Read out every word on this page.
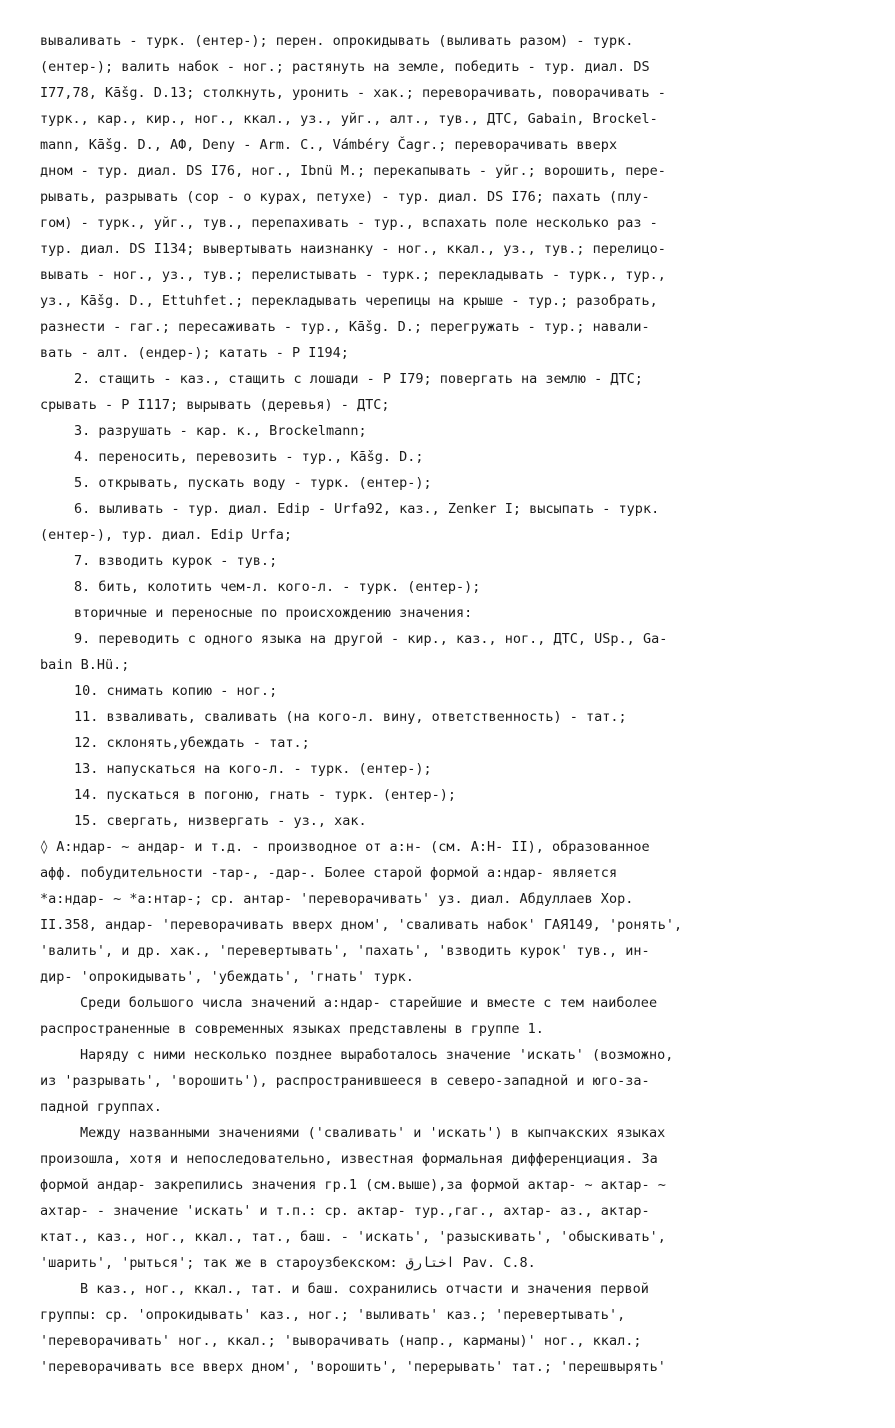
вываливать - турк. (ентер-); перен. опрокидывать (выливать разом) - турк.
(ентер-); валить набок - ног.; растянуть на земле, победить - тур. диал. DS
I77,78, Kāšg. D.13; столкнуть, уронить - хак.; переворачивать, поворачивать -
турк., кар., кир., ног., ккал., уз., уйг., алт., тув., ДТС, Gabain, Brockel-
mann, Kāšg. D., АФ, Deny - Arm. C., Vámbéry Čagr.; переворачивать вверх
дном - тур. диал. DS I76, ног., Ibnü M.; перекапывать - уйг.; ворошить, пере-
рывать, разрывать (сор - о курах, петухе) - тур. диал. DS I76; пахать (плу-
гом) - турк., уйг., тув., перепахивать - тур., вспахать поле несколько раз -
тур. диал. DS I134; вывертывать наизнанку - ног., ккал., уз., тув.; перелицо-
вывать - ног., уз., тув.; перелистывать - турк.; перекладывать - турк., тур.,
уз., Kāšg. D., Ettuhfet.; перекладывать черепицы на крыше - тур.; разобрать,
разнести - гаг.; пересаживать - тур., Kāšg. D.; перегружать - тур.; навали-
вать - алт. (ендер-); катать - Р I194;
2. стащить - каз., стащить с лошади - Р I79; повергать на землю - ДТС;
срывать - Р I117; вырывать (деревья) - ДТС;
3. разрушать - кар. к., Brockelmann;
4. переносить, перевозить - тур., Kāšg. D.;
5. открывать, пускать воду - турк. (ентер-);
6. выливать - тур. диал. Edip - Urfa92, каз., Zenker I; высыпать - турк.
(ентер-), тур. диал. Edip Urfa;
7. взводить курок - тув.;
8. бить, колотить чем-л. кого-л. - турк. (ентер-);
вторичные и переносные по происхождению значения:
9. переводить с одного языка на другой - кир., каз., ног., ДТС, USp., Ga-
bain B.Hü.;
10. снимать копию - ног.;
11. взваливать, сваливать (на кого-л. вину, ответственность) - тат.;
12. склонять,убеждать - тат.;
13. напускаться на кого-л. - турк. (ентер-);
14. пускаться в погоню, гнать - турк. (ентер-);
15. свергать, низвергать - уз., хак.
◊ А:ндар- ~ андар- и т.д. - производное от а:н- (см. А:Н- II), образованное
афф. побудительности -тар-, -дар-. Более старой формой а:ндар- является
*а:ндар- ~ *а:нтар-; ср. антар- 'переворачивать' уз. диал. Абдуллаев Хор.
II.358, андар- 'переворачивать вверх дном', 'сваливать набок' ГАЯ149, 'ронять',
'валить', и др. хак., 'перевертывать', 'пахать', 'взводить курок' тув., ин-
дир- 'опрокидывать', 'убеждать', 'гнать' турк.
Среди большого числа значений а:ндар- старейшие и вместе с тем наиболее
распространенные в современных языках представлены в группе 1.
Наряду с ними несколько позднее выработалось значение 'искать' (возможно,
из 'разрывать', 'ворошить'), распространившееся в северо-западной и юго-за-
падной группах.
Между названными значениями ('сваливать' и 'искать') в кыпчакских языках
произошла, хотя и непоследовательно, известная формальная дифференциация. За
формой андар- закрепились значения гр.1 (см.выше),за формой актар- ~ актар- ~
ахтар- - значение 'искать' и т.п.: ср. актар- тур.,гаг., ахтар- аз., актар-
ктат., каз., ног., ккал., тат., баш. - 'искать', 'разыскивать', 'обыскивать',
'шарить', 'рыться'; так же в староузбекском: اختارق Pav. C.8.
В каз., ног., ккал., тат. и баш. сохранились отчасти и значения первой
группы: ср. 'опрокидывать' каз., ног.; 'выливать' каз.; 'перевертывать',
'переворачивать' ног., ккал.; 'выворачивать (напр., карманы)' ног., ккал.;
'переворачивать все вверх дном', 'ворошить', 'перерывать' тат.; 'перешвырять'
